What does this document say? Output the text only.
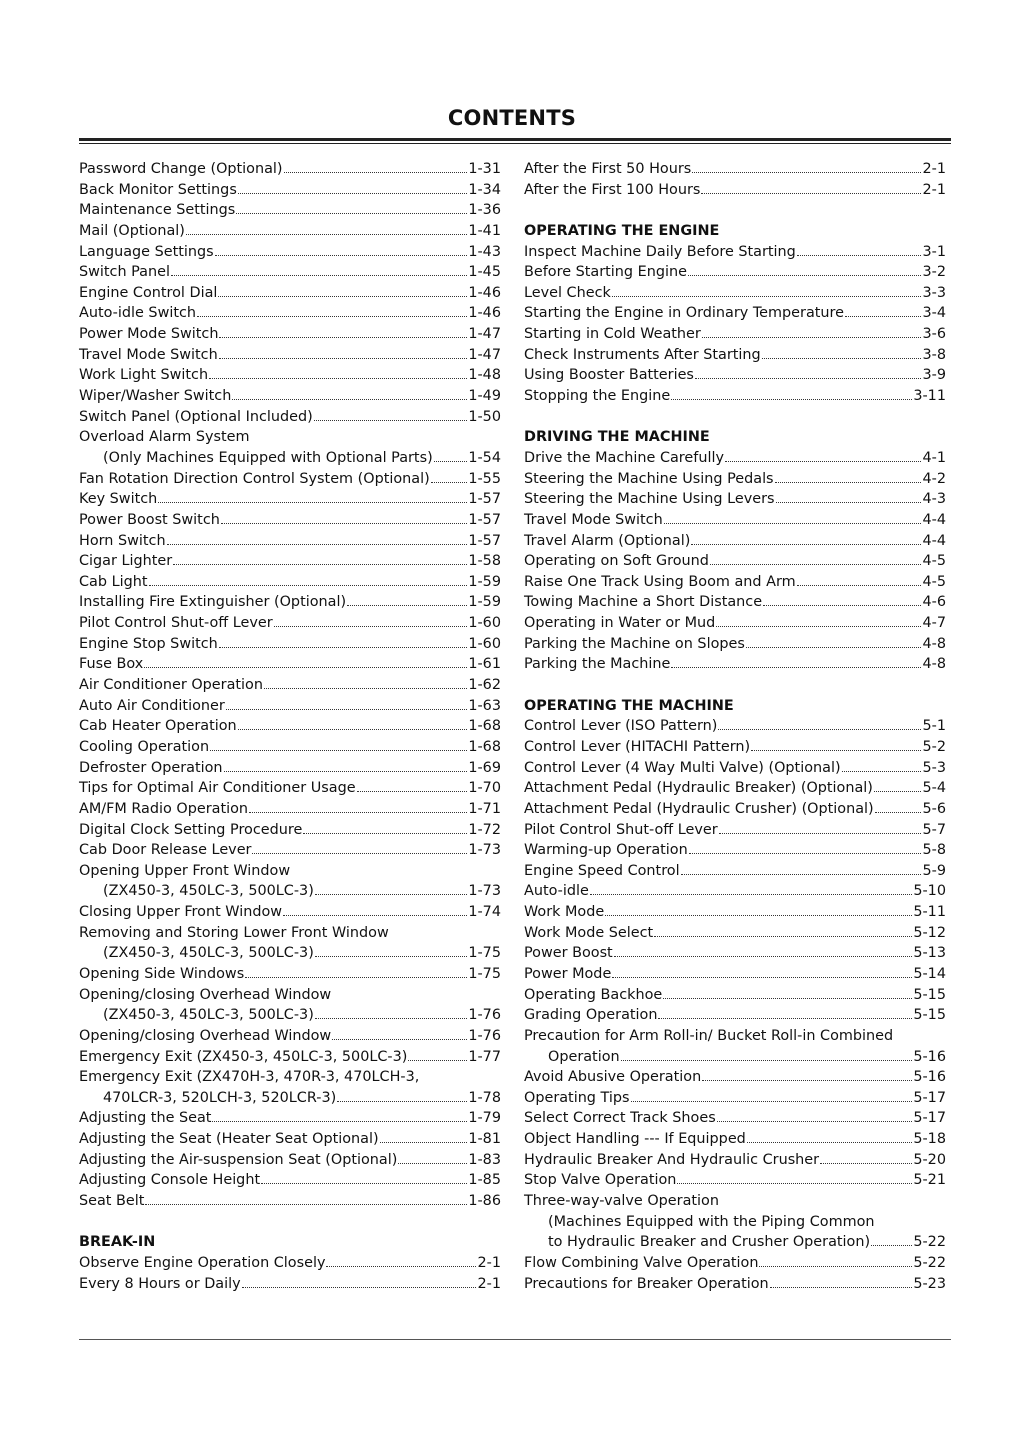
CONTENTS
Password Change (Optional)	1-31
Back Monitor Settings	1-34
Maintenance Settings	1-36
Mail (Optional)	1-41
Language Settings	1-43
Switch Panel	1-45
Engine Control Dial	1-46
Auto-idle Switch	1-46
Power Mode Switch	1-47
Travel Mode Switch	1-47
Work Light Switch	1-48
Wiper/Washer Switch	1-49
Switch Panel (Optional Included)	1-50
Overload Alarm System
(Only Machines Equipped with Optional Parts) 1-54
Fan Rotation Direction Control System (Optional)	1-55
Key Switch	1-57
Power Boost Switch	1-57
Horn Switch	1-57
Cigar Lighter	1-58
Cab Light	1-59
Installing Fire Extinguisher (Optional)	1-59
Pilot Control Shut-off Lever	1-60
Engine Stop Switch	1-60
Fuse Box	1-61
Air Conditioner Operation	1-62
Auto Air Conditioner	1-63
Cab Heater Operation	1-68
Cooling Operation	1-68
Defroster Operation	1-69
Tips for Optimal Air Conditioner Usage	1-70
AM/FM Radio Operation	1-71
Digital Clock Setting Procedure	1-72
Cab Door Release Lever	1-73
Opening Upper Front Window
(ZX450-3, 450LC-3, 500LC-3)	1-73
Closing Upper Front Window	1-74
Removing and Storing Lower Front Window
(ZX450-3, 450LC-3, 500LC-3)	1-75
Opening Side Windows	1-75
Opening/closing Overhead Window
(ZX450-3, 450LC-3, 500LC-3)	1-76
Opening/closing Overhead Window	1-76
Emergency Exit (ZX450-3, 450LC-3, 500LC-3)	1-77
Emergency Exit (ZX470H-3, 470R-3, 470LCH-3,
470LCR-3, 520LCH-3, 520LCR-3)	1-78
Adjusting the Seat	1-79
Adjusting the Seat (Heater Seat Optional)	1-81
Adjusting the Air-suspension Seat (Optional)	1-83
Adjusting Console Height	1-85
Seat Belt	1-86
BREAK-IN
Observe Engine Operation Closely	2-1
Every 8 Hours or Daily	2-1
After the First 50 Hours	2-1
After the First 100 Hours	2-1
OPERATING THE ENGINE
Inspect Machine Daily Before Starting	3-1
Before Starting Engine	3-2
Level Check	3-3
Starting the Engine in Ordinary Temperature	3-4
Starting in Cold Weather	3-6
Check Instruments After Starting	3-8
Using Booster Batteries	3-9
Stopping the Engine	3-11
DRIVING THE MACHINE
Drive the Machine Carefully	4-1
Steering the Machine Using Pedals	4-2
Steering the Machine Using Levers	4-3
Travel Mode Switch	4-4
Travel Alarm (Optional)	4-4
Operating on Soft Ground	4-5
Raise One Track Using Boom and Arm	4-5
Towing Machine a Short Distance	4-6
Operating in Water or Mud	4-7
Parking the Machine on Slopes	4-8
Parking the Machine	4-8
OPERATING THE MACHINE
Control Lever (ISO Pattern)	5-1
Control Lever (HITACHI Pattern)	5-2
Control Lever (4 Way Multi Valve) (Optional)	5-3
Attachment Pedal (Hydraulic Breaker) (Optional)	5-4
Attachment Pedal (Hydraulic Crusher) (Optional)	5-6
Pilot Control Shut-off Lever	5-7
Warming-up Operation	5-8
Engine Speed Control	5-9
Auto-idle	5-10
Work Mode	5-11
Work Mode Select	5-12
Power Boost	5-13
Power Mode	5-14
Operating Backhoe	5-15
Grading Operation	5-15
Precaution for Arm Roll-in/ Bucket Roll-in Combined
Operation	5-16
Avoid Abusive Operation	5-16
Operating Tips	5-17
Select Correct Track Shoes	5-17
Object Handling --- If Equipped	5-18
Hydraulic Breaker And Hydraulic Crusher	5-20
Stop Valve Operation	5-21
Three-way-valve Operation
(Machines Equipped with the Piping Common
to Hydraulic Breaker and Crusher Operation)	5-22
Flow Combining Valve Operation	5-22
Precautions for Breaker Operation	5-23
